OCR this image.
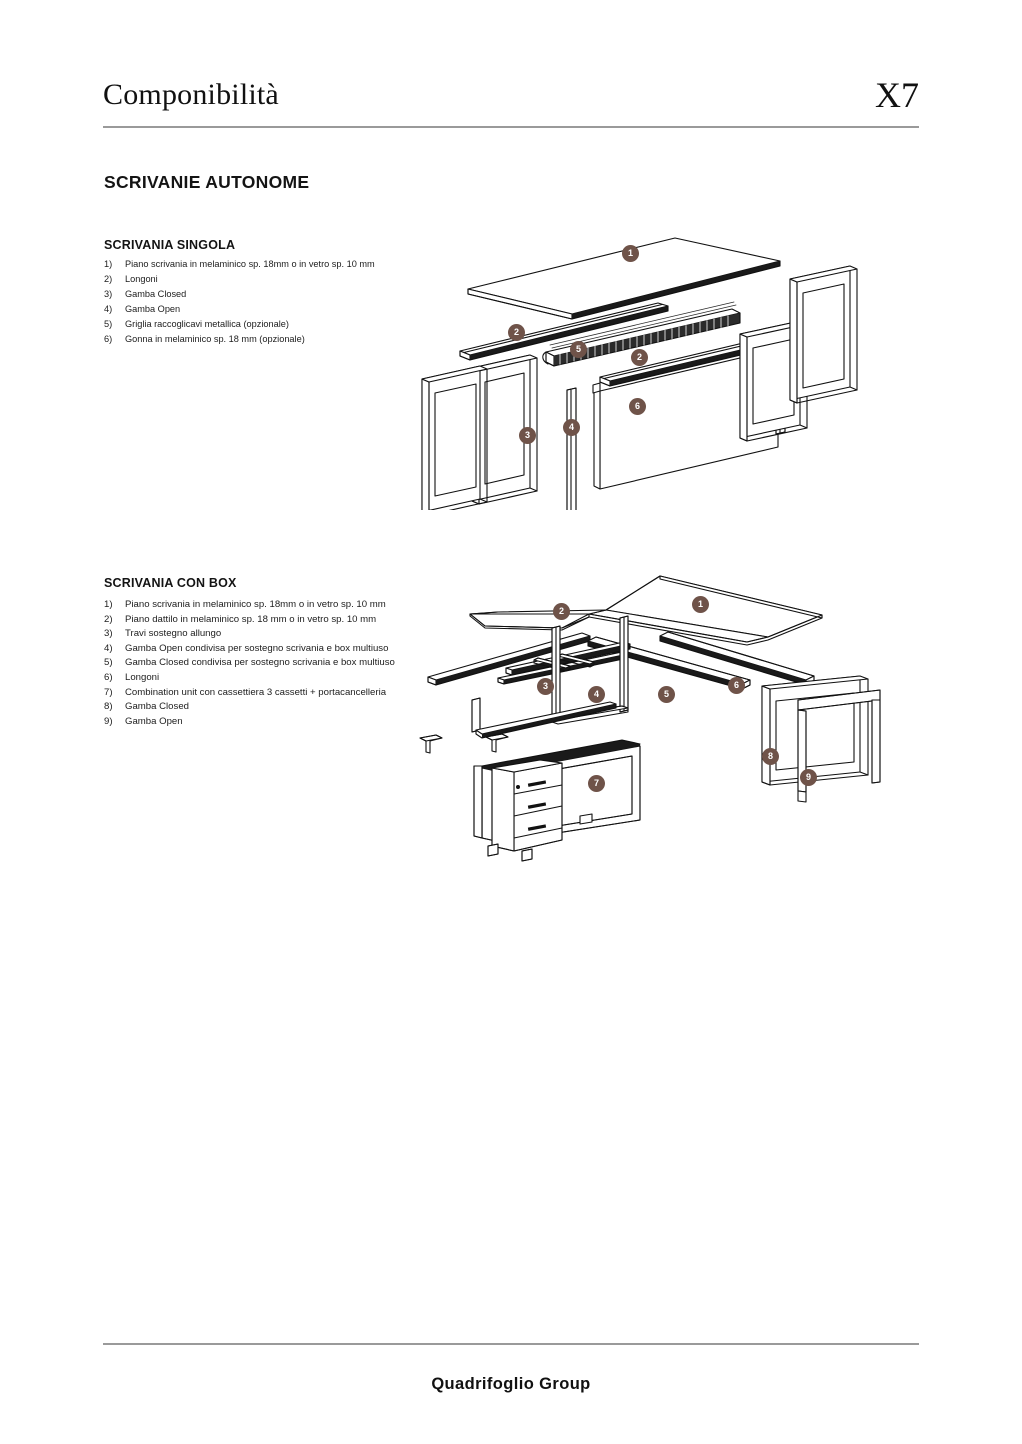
Componibilità	X7
SCRIVANIE AUTONOME
SCRIVANIA SINGOLA
1)	Piano scrivania in melaminico sp. 18mm o in vetro sp. 10 mm
2)	Longoni
3)	Gamba Closed
4)	Gamba Open
5)	Griglia raccoglicavi metallica (opzionale)
6)	Gonna in melaminico sp. 18 mm (opzionale)
SCRIVANIA CON BOX
1)	Piano scrivania in melaminico sp. 18mm o in vetro sp. 10 mm
2)	Piano dattilo in melaminico sp. 18 mm o in vetro sp. 10 mm
3)	Travi sostegno allungo
4)	Gamba Open condivisa per sostegno scrivania e box multiuso
5)	Gamba Closed condivisa per sostegno scrivania e box multiuso
6)	Longoni
7)	Combination unit con cassettiera 3 cassetti + portacancelleria
8)	Gamba Closed
9)	Gamba Open
1
2
5
2
6
3
4
1
2
3
4	5
6
7
8
9
Quadrifoglio Group
